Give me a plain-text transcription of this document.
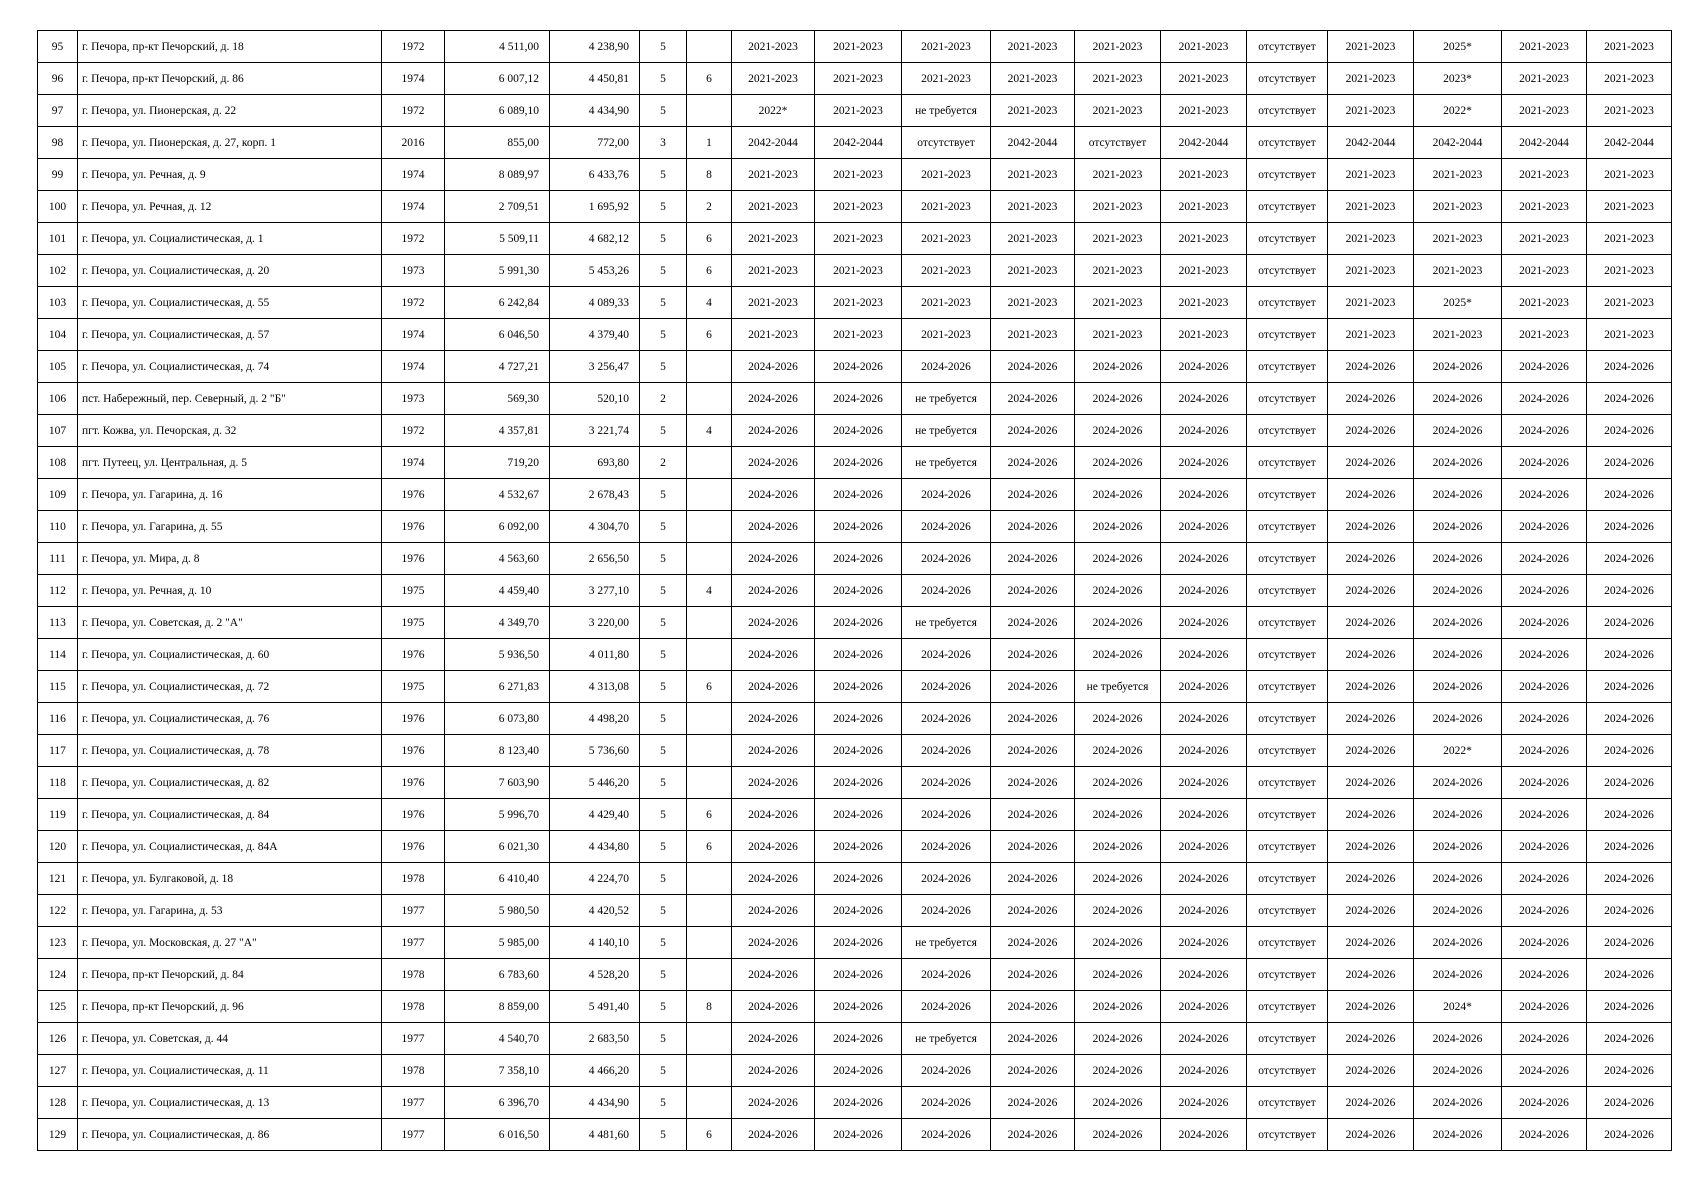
95	г. Печора, пр-кт Печорский, д. 18	1972	4 511,00	4 238,90	5		2021-2023	2021-2023	2021-2023	2021-2023	2021-2023	2021-2023	отсутствует	2021-2023	2025*	2021-2023	2021-2023
96	г. Печора, пр-кт Печорский, д. 86	1974	6 007,12	4 450,81	5	6	2021-2023	2021-2023	2021-2023	2021-2023	2021-2023	2021-2023	отсутствует	2021-2023	2023*	2021-2023	2021-2023
97	г. Печора, ул. Пионерская, д. 22	1972	6 089,10	4 434,90	5		2022*	2021-2023	не требуется	2021-2023	2021-2023	2021-2023	отсутствует	2021-2023	2022*	2021-2023	2021-2023
98	г. Печора, ул. Пионерская, д. 27, корп. 1	2016	855,00	772,00	3	1	2042-2044	2042-2044	отсутствует	2042-2044	отсутствует	2042-2044	отсутствует	2042-2044	2042-2044	2042-2044	2042-2044
99	г. Печора, ул. Речная, д. 9	1974	8 089,97	6 433,76	5	8	2021-2023	2021-2023	2021-2023	2021-2023	2021-2023	2021-2023	отсутствует	2021-2023	2021-2023	2021-2023	2021-2023
100	г. Печора, ул. Речная, д. 12	1974	2 709,51	1 695,92	5	2	2021-2023	2021-2023	2021-2023	2021-2023	2021-2023	2021-2023	отсутствует	2021-2023	2021-2023	2021-2023	2021-2023
101	г. Печора, ул. Социалистическая, д. 1	1972	5 509,11	4 682,12	5	6	2021-2023	2021-2023	2021-2023	2021-2023	2021-2023	2021-2023	отсутствует	2021-2023	2021-2023	2021-2023	2021-2023
102	г. Печора, ул. Социалистическая, д. 20	1973	5 991,30	5 453,26	5	6	2021-2023	2021-2023	2021-2023	2021-2023	2021-2023	2021-2023	отсутствует	2021-2023	2021-2023	2021-2023	2021-2023
103	г. Печора, ул. Социалистическая, д. 55	1972	6 242,84	4 089,33	5	4	2021-2023	2021-2023	2021-2023	2021-2023	2021-2023	2021-2023	отсутствует	2021-2023	2025*	2021-2023	2021-2023
104	г. Печора, ул. Социалистическая, д. 57	1974	6 046,50	4 379,40	5	6	2021-2023	2021-2023	2021-2023	2021-2023	2021-2023	2021-2023	отсутствует	2021-2023	2021-2023	2021-2023	2021-2023
105	г. Печора, ул. Социалистическая, д. 74	1974	4 727,21	3 256,47	5		2024-2026	2024-2026	2024-2026	2024-2026	2024-2026	2024-2026	отсутствует	2024-2026	2024-2026	2024-2026	2024-2026
106	пст. Набережный, пер. Северный, д. 2 "Б"	1973	569,30	520,10	2		2024-2026	2024-2026	не требуется	2024-2026	2024-2026	2024-2026	отсутствует	2024-2026	2024-2026	2024-2026	2024-2026
107	пгт. Кожва, ул. Печорская, д. 32	1972	4 357,81	3 221,74	5	4	2024-2026	2024-2026	не требуется	2024-2026	2024-2026	2024-2026	отсутствует	2024-2026	2024-2026	2024-2026	2024-2026
108	пгт. Путеец, ул. Центральная, д. 5	1974	719,20	693,80	2		2024-2026	2024-2026	не требуется	2024-2026	2024-2026	2024-2026	отсутствует	2024-2026	2024-2026	2024-2026	2024-2026
109	г. Печора, ул. Гагарина, д. 16	1976	4 532,67	2 678,43	5		2024-2026	2024-2026	2024-2026	2024-2026	2024-2026	2024-2026	отсутствует	2024-2026	2024-2026	2024-2026	2024-2026
110	г. Печора, ул. Гагарина, д. 55	1976	6 092,00	4 304,70	5		2024-2026	2024-2026	2024-2026	2024-2026	2024-2026	2024-2026	отсутствует	2024-2026	2024-2026	2024-2026	2024-2026
111	г. Печора, ул. Мира, д. 8	1976	4 563,60	2 656,50	5		2024-2026	2024-2026	2024-2026	2024-2026	2024-2026	2024-2026	отсутствует	2024-2026	2024-2026	2024-2026	2024-2026
112	г. Печора, ул. Речная, д. 10	1975	4 459,40	3 277,10	5	4	2024-2026	2024-2026	2024-2026	2024-2026	2024-2026	2024-2026	отсутствует	2024-2026	2024-2026	2024-2026	2024-2026
113	г. Печора, ул. Советская, д. 2 "А"	1975	4 349,70	3 220,00	5		2024-2026	2024-2026	не требуется	2024-2026	2024-2026	2024-2026	отсутствует	2024-2026	2024-2026	2024-2026	2024-2026
114	г. Печора, ул. Социалистическая, д. 60	1976	5 936,50	4 011,80	5		2024-2026	2024-2026	2024-2026	2024-2026	2024-2026	2024-2026	отсутствует	2024-2026	2024-2026	2024-2026	2024-2026
115	г. Печора, ул. Социалистическая, д. 72	1975	6 271,83	4 313,08	5	6	2024-2026	2024-2026	2024-2026	2024-2026	не требуется	2024-2026	отсутствует	2024-2026	2024-2026	2024-2026	2024-2026
116	г. Печора, ул. Социалистическая, д. 76	1976	6 073,80	4 498,20	5		2024-2026	2024-2026	2024-2026	2024-2026	2024-2026	2024-2026	отсутствует	2024-2026	2024-2026	2024-2026	2024-2026
117	г. Печора, ул. Социалистическая, д. 78	1976	8 123,40	5 736,60	5		2024-2026	2024-2026	2024-2026	2024-2026	2024-2026	2024-2026	отсутствует	2024-2026	2022*	2024-2026	2024-2026
118	г. Печора, ул. Социалистическая, д. 82	1976	7 603,90	5 446,20	5		2024-2026	2024-2026	2024-2026	2024-2026	2024-2026	2024-2026	отсутствует	2024-2026	2024-2026	2024-2026	2024-2026
119	г. Печора, ул. Социалистическая, д. 84	1976	5 996,70	4 429,40	5	6	2024-2026	2024-2026	2024-2026	2024-2026	2024-2026	2024-2026	отсутствует	2024-2026	2024-2026	2024-2026	2024-2026
120	г. Печора, ул. Социалистическая, д. 84А	1976	6 021,30	4 434,80	5	6	2024-2026	2024-2026	2024-2026	2024-2026	2024-2026	2024-2026	отсутствует	2024-2026	2024-2026	2024-2026	2024-2026
121	г. Печора, ул. Булгаковой, д. 18	1978	6 410,40	4 224,70	5		2024-2026	2024-2026	2024-2026	2024-2026	2024-2026	2024-2026	отсутствует	2024-2026	2024-2026	2024-2026	2024-2026
122	г. Печора, ул. Гагарина, д. 53	1977	5 980,50	4 420,52	5		2024-2026	2024-2026	2024-2026	2024-2026	2024-2026	2024-2026	отсутствует	2024-2026	2024-2026	2024-2026	2024-2026
123	г. Печора, ул. Московская, д. 27 "А"	1977	5 985,00	4 140,10	5		2024-2026	2024-2026	не требуется	2024-2026	2024-2026	2024-2026	отсутствует	2024-2026	2024-2026	2024-2026	2024-2026
124	г. Печора, пр-кт Печорский, д. 84	1978	6 783,60	4 528,20	5		2024-2026	2024-2026	2024-2026	2024-2026	2024-2026	2024-2026	отсутствует	2024-2026	2024-2026	2024-2026	2024-2026
125	г. Печора, пр-кт Печорский, д. 96	1978	8 859,00	5 491,40	5	8	2024-2026	2024-2026	2024-2026	2024-2026	2024-2026	2024-2026	отсутствует	2024-2026	2024*	2024-2026	2024-2026
126	г. Печора, ул. Советская, д. 44	1977	4 540,70	2 683,50	5		2024-2026	2024-2026	не требуется	2024-2026	2024-2026	2024-2026	отсутствует	2024-2026	2024-2026	2024-2026	2024-2026
127	г. Печора, ул. Социалистическая, д. 11	1978	7 358,10	4 466,20	5		2024-2026	2024-2026	2024-2026	2024-2026	2024-2026	2024-2026	отсутствует	2024-2026	2024-2026	2024-2026	2024-2026
128	г. Печора, ул. Социалистическая, д. 13	1977	6 396,70	4 434,90	5		2024-2026	2024-2026	2024-2026	2024-2026	2024-2026	2024-2026	отсутствует	2024-2026	2024-2026	2024-2026	2024-2026
129	г. Печора, ул. Социалистическая, д. 86	1977	6 016,50	4 481,60	5	6	2024-2026	2024-2026	2024-2026	2024-2026	2024-2026	2024-2026	отсутствует	2024-2026	2024-2026	2024-2026	2024-2026
